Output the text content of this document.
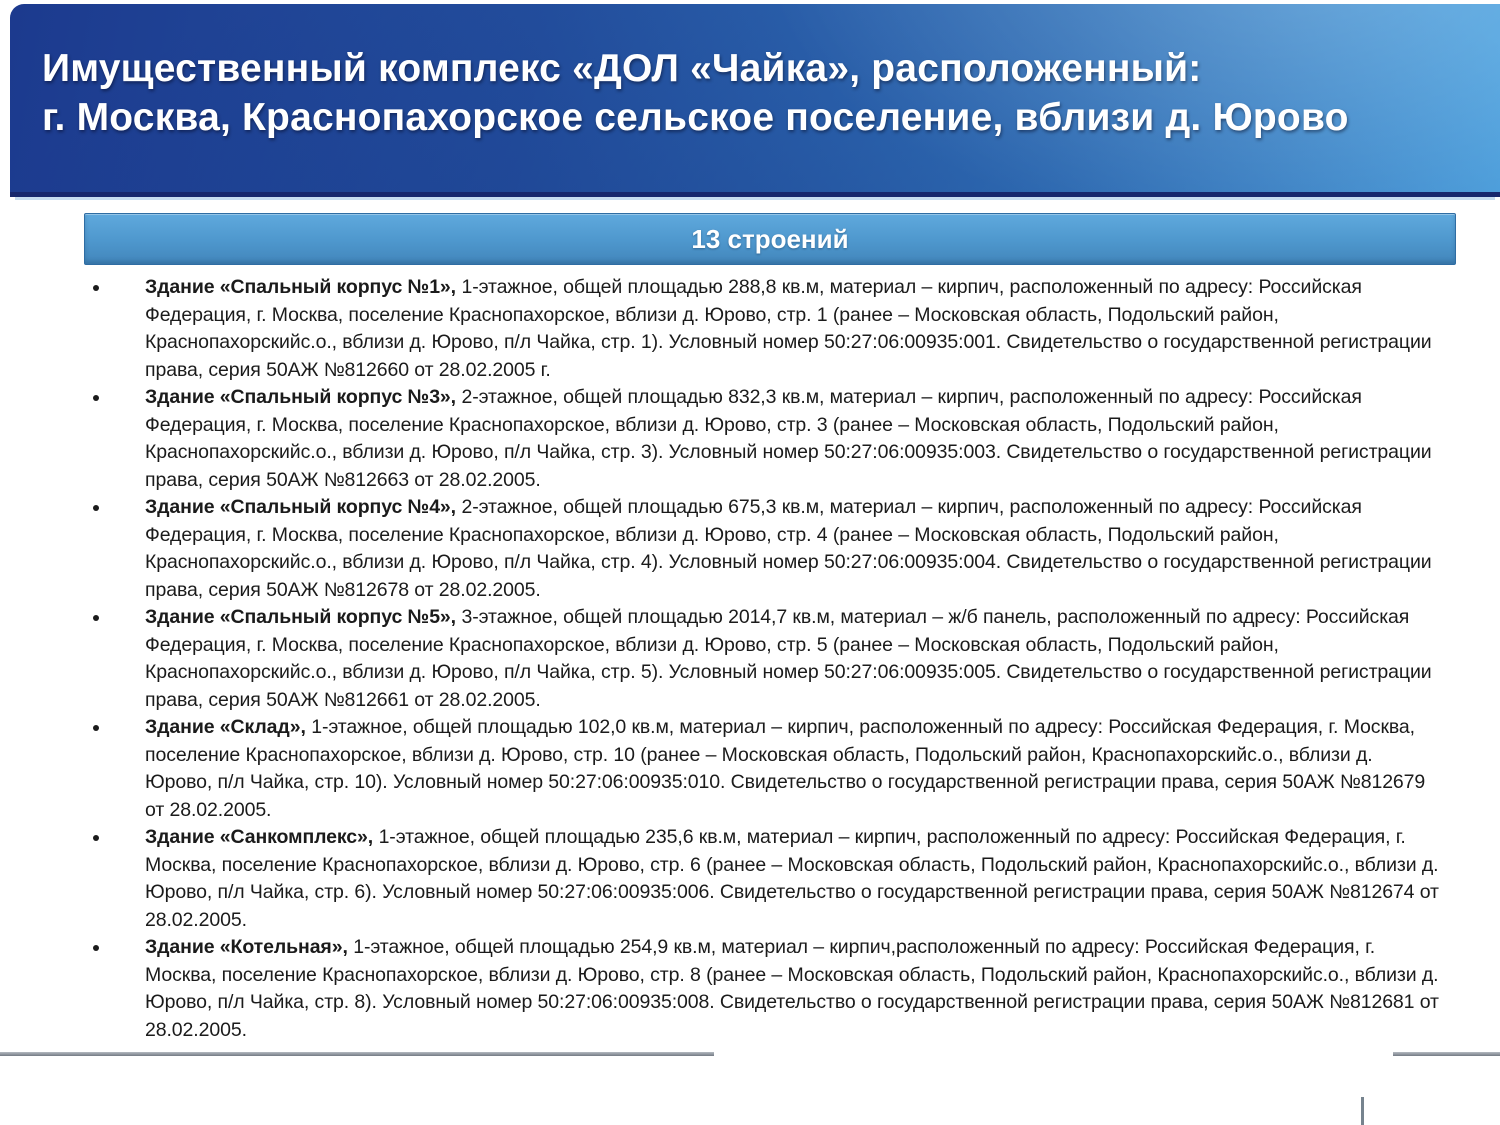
Имущественный комплекс «ДОЛ «Чайка», расположенный:
г. Москва, Краснопахорское сельское поселение, вблизи д. Юрово
13 строений
Здание «Спальный корпус №1», 1-этажное, общей площадью 288,8 кв.м, материал – кирпич, расположенный по адресу: Российская Федерация, г. Москва, поселение Краснопахорское, вблизи д. Юрово, стр. 1 (ранее – Московская область, Подольский район, Краснопахорскийс.о., вблизи д. Юрово, п/л Чайка, стр. 1). Условный номер 50:27:06:00935:001. Свидетельство о государственной регистрации права, серия 50АЖ №812660 от 28.02.2005 г.
Здание «Спальный корпус №3», 2-этажное, общей площадью 832,3 кв.м, материал – кирпич, расположенный по адресу: Российская Федерация, г. Москва, поселение Краснопахорское, вблизи д. Юрово, стр. 3 (ранее – Московская область, Подольский район, Краснопахорскийс.о., вблизи д. Юрово, п/л Чайка, стр. 3). Условный номер 50:27:06:00935:003. Свидетельство о государственной регистрации права, серия 50АЖ №812663 от 28.02.2005.
Здание «Спальный корпус №4», 2-этажное, общей площадью 675,3 кв.м, материал – кирпич, расположенный по адресу: Российская Федерация, г. Москва, поселение Краснопахорское, вблизи д. Юрово, стр. 4 (ранее – Московская область, Подольский район, Краснопахорскийс.о., вблизи д. Юрово, п/л Чайка, стр. 4). Условный номер 50:27:06:00935:004. Свидетельство о государственной регистрации права, серия 50АЖ №812678 от 28.02.2005.
Здание «Спальный корпус №5», 3-этажное, общей площадью 2014,7 кв.м, материал – ж/б панель, расположенный по адресу: Российская Федерация, г. Москва, поселение Краснопахорское, вблизи д. Юрово, стр. 5 (ранее – Московская область, Подольский район, Краснопахорскийс.о., вблизи д. Юрово, п/л Чайка, стр. 5). Условный номер 50:27:06:00935:005. Свидетельство о государственной регистрации права, серия 50АЖ №812661 от 28.02.2005.
Здание «Склад», 1-этажное, общей площадью 102,0 кв.м, материал – кирпич, расположенный по адресу: Российская Федерация, г. Москва, поселение Краснопахорское, вблизи д. Юрово, стр. 10 (ранее – Московская область, Подольский район, Краснопахорскийс.о., вблизи д. Юрово, п/л Чайка, стр. 10). Условный номер 50:27:06:00935:010. Свидетельство о государственной регистрации права, серия 50АЖ №812679 от 28.02.2005.
Здание «Санкомплекс», 1-этажное, общей площадью 235,6 кв.м, материал – кирпич, расположенный по адресу: Российская Федерация, г. Москва, поселение Краснопахорское, вблизи д. Юрово, стр. 6 (ранее – Московская область, Подольский район, Краснопахорскийс.о., вблизи д. Юрово, п/л Чайка, стр. 6). Условный номер 50:27:06:00935:006. Свидетельство о государственной регистрации права, серия 50АЖ №812674 от 28.02.2005.
Здание «Котельная», 1-этажное, общей площадью 254,9 кв.м, материал – кирпич,расположенный по адресу: Российская Федерация, г. Москва, поселение Краснопахорское, вблизи д. Юрово, стр. 8 (ранее – Московская область, Подольский район, Краснопахорскийс.о., вблизи д. Юрово, п/л Чайка, стр. 8). Условный номер 50:27:06:00935:008. Свидетельство о государственной регистрации права, серия 50АЖ №812681 от 28.02.2005.
